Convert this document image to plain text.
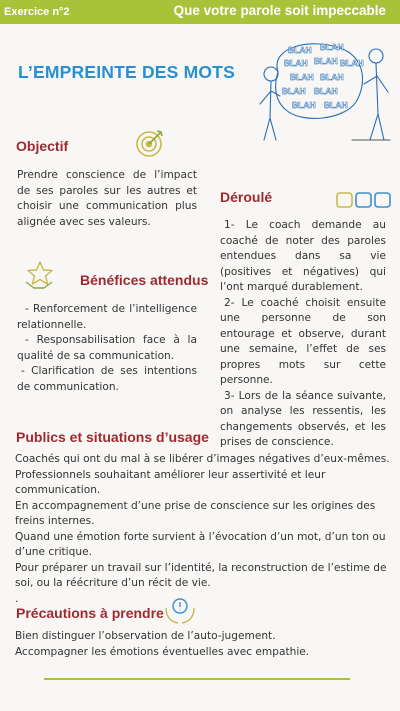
Exercice n°2	Que votre parole soit impeccable
L’EMPREINTE DES MOTS
BLAH BLAH
BLAH BLAH BLAH
BLAH BLAH
BLAH BLAH
BLAH BLAH
Objectif
Prendre conscience de l’impact de ses paroles sur les autres et choisir une communication plus alignée avec ses valeurs.
Déroulé
1- Le coach demande au coaché de noter des paroles entendues dans sa vie (positives et négatives) qui l’ont marqué durablement.
2- Le coaché choisit ensuite une personne de son entourage et observe, durant une semaine, l’effet de ses propres mots sur cette personne.
3- Lors de la séance suivante, on analyse les ressentis, les changements observés, et les prises de conscience.
Bénéfices attendus
- Renforcement de l’intelligence relationnelle.
- Responsabilisation face à la qualité de sa communication.
- Clarification de ses intentions de communication.
Publics et situations d’usage
Coachés qui ont du mal à se libérer d’images négatives d’eux-mêmes.
Professionnels souhaitant améliorer leur assertivité et leur communication.
En accompagnement d’une prise de conscience sur les origines des freins internes.
Quand une émotion forte survient à l’évocation d’un mot, d’un ton ou d’une critique.
Pour préparer un travail sur l’identité, la reconstruction de l’estime de soi, ou la réécriture d’un récit de vie.
.
Précautions à prendre
Bien distinguer l’observation de l’auto-jugement.
Accompagner les émotions éventuelles avec empathie.
